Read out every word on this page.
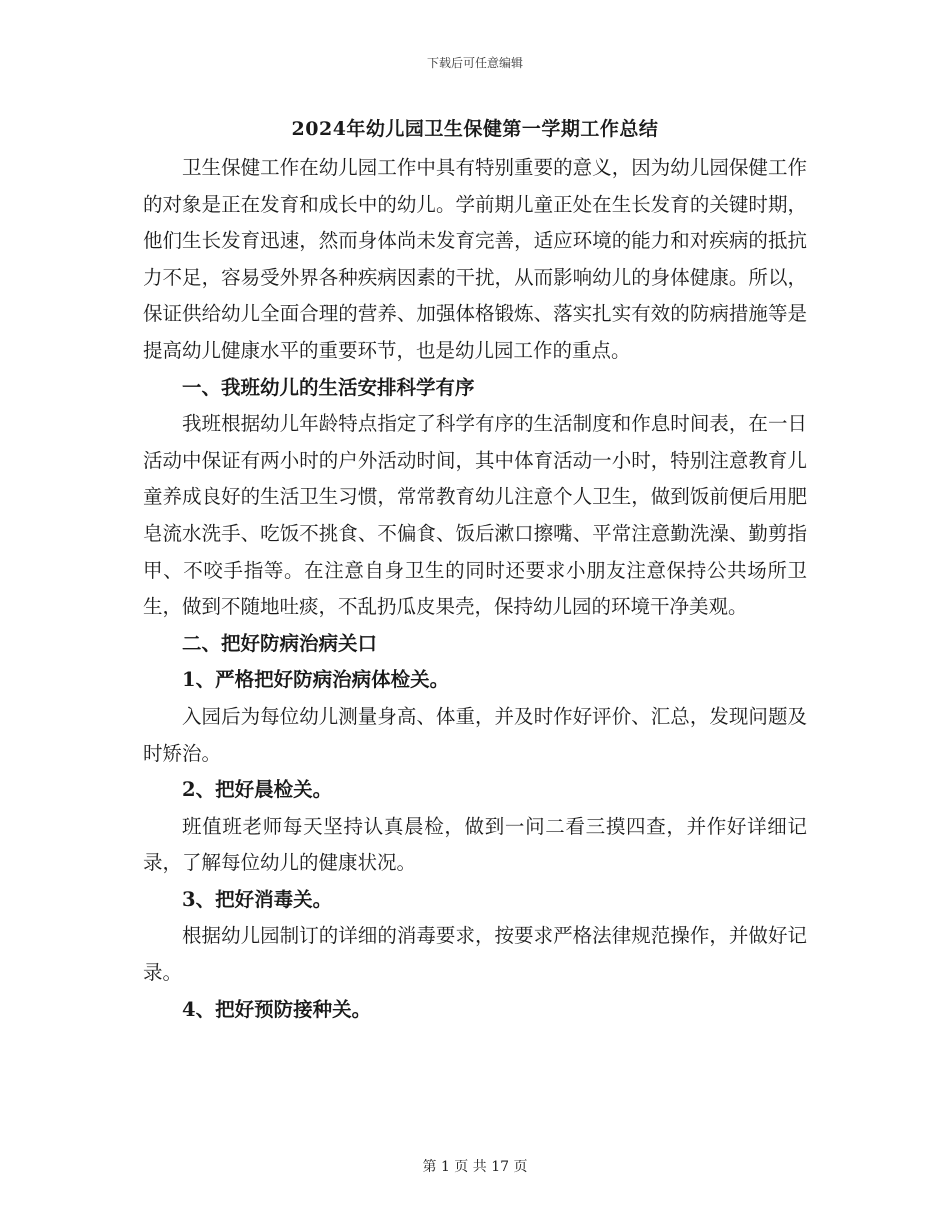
下载后可任意编辑
2024年幼儿园卫生保健第一学期工作总结

卫生保健工作在幼儿园工作中具有特别重要的意义，因为幼儿园保健工作的对象是正在发育和成长中的幼儿。学前期儿童正处在生长发育的关键时期，他们生长发育迅速，然而身体尚未发育完善，适应环境的能力和对疾病的抵抗力不足，容易受外界各种疾病因素的干扰，从而影响幼儿的身体健康。所以，保证供给幼儿全面合理的营养、加强体格锻炼、落实扎实有效的防病措施等是提高幼儿健康水平的重要环节，也是幼儿园工作的重点。

一、我班幼儿的生活安排科学有序

我班根据幼儿年龄特点指定了科学有序的生活制度和作息时间表，在一日活动中保证有两小时的户外活动时间，其中体育活动一小时，特别注意教育儿童养成良好的生活卫生习惯，常常教育幼儿注意个人卫生，做到饭前便后用肥皂流水洗手、吃饭不挑食、不偏食、饭后漱口擦嘴、平常注意勤洗澡、勤剪指甲、不咬手指等。在注意自身卫生的同时还要求小朋友注意保持公共场所卫生，做到不随地吐痰，不乱扔瓜皮果壳，保持幼儿园的环境干净美观。

二、把好防病治病关口

1、严格把好防病治病体检关。

入园后为每位幼儿测量身高、体重，并及时作好评价、汇总，发现问题及时矫治。

2、把好晨检关。

班值班老师每天坚持认真晨检，做到一问二看三摸四查，并作好详细记录，了解每位幼儿的健康状况。

3、把好消毒关。

根据幼儿园制订的详细的消毒要求，按要求严格法律规范操作，并做好记录。

4、把好预防接种关。

第 1 页 共 17 页
